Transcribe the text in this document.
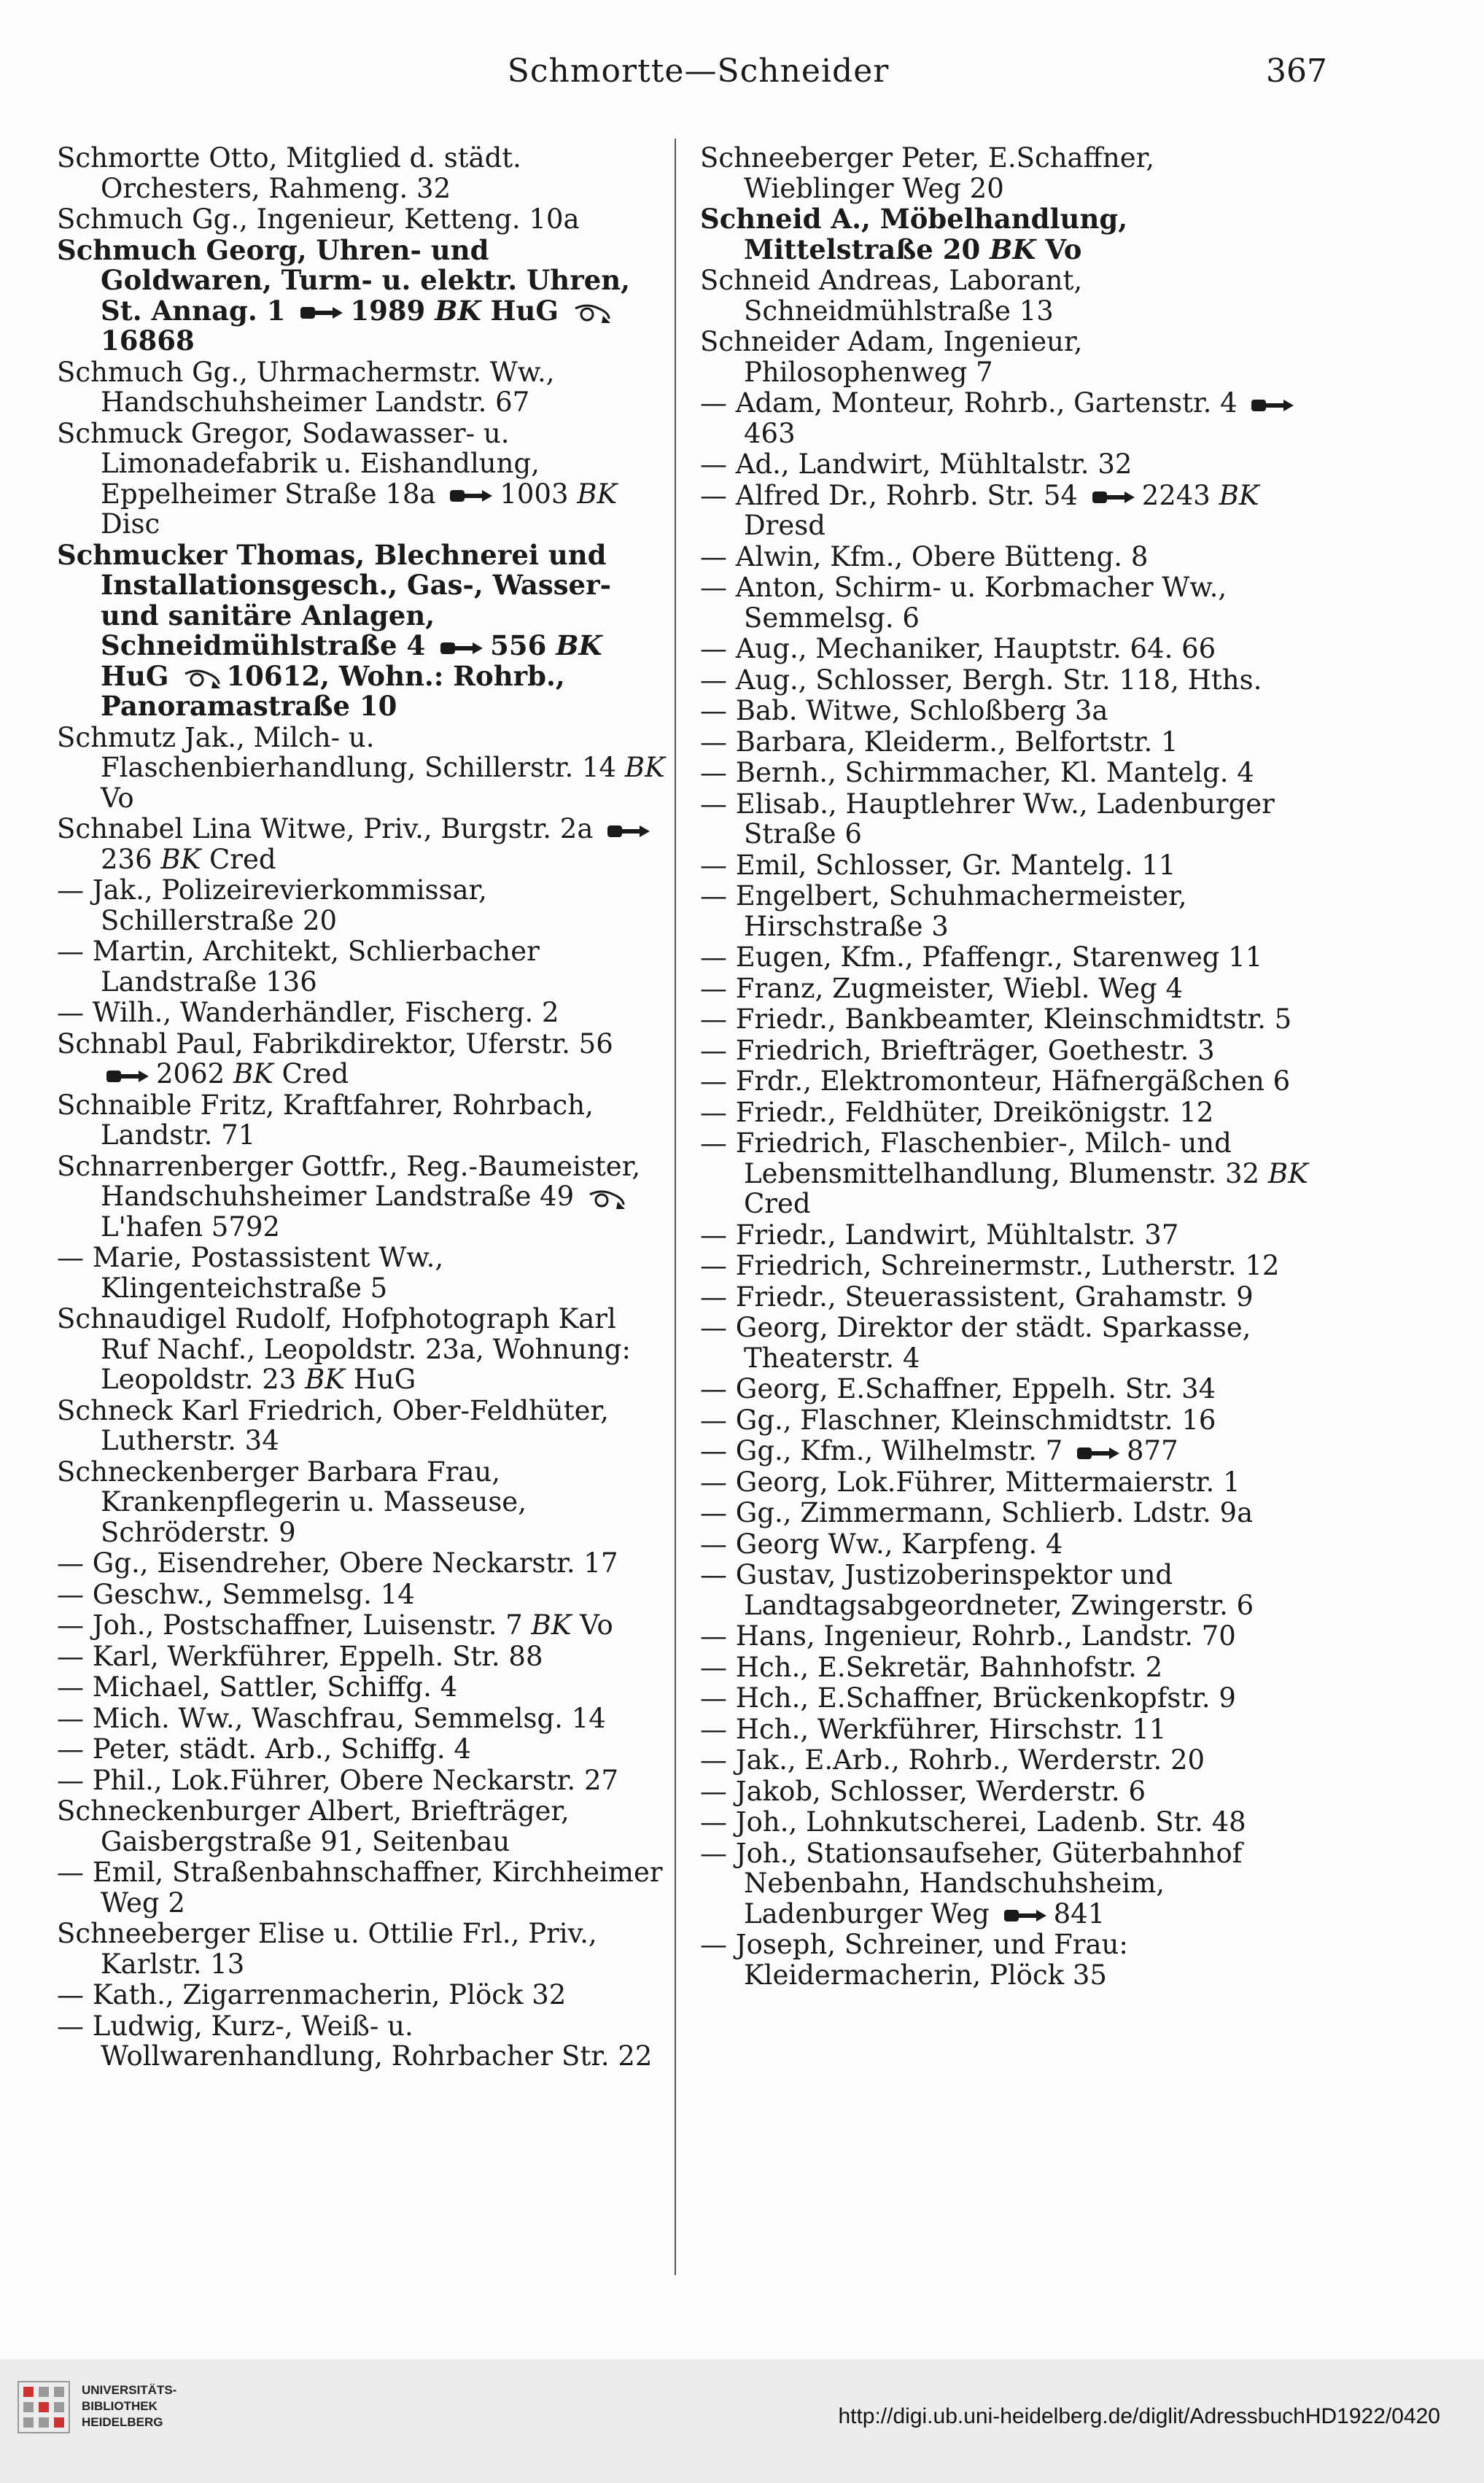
Schmortte—Schneider	367
Schmortte Otto, Mitglied d. städt. Orchesters, Rahmeng. 32
Schmuch Gg., Ingenieur, Ketteng. 10a
Schmuch Georg, Uhren- und Goldwaren, Turm- u. elektr. Uhren, St. Annag. 1 1989 BK HuG 16868
Schmuch Gg., Uhrmachermstr. Ww., Handschuhsheimer Landstr. 67
Schmuck Gregor, Sodawasser- u. Limonadefabrik u. Eishandlung, Eppelheimer Straße 18a 1003 BK Disc
Schmucker Thomas, Blechnerei und Installationsgesch., Gas-, Wasser- und sanitäre Anlagen, Schneidmühlstraße 4 556 BK HuG 10612, Wohn.: Rohrb., Panoramastraße 10
Schmutz Jak., Milch- u. Flaschenbierhandlung, Schillerstr. 14 BK Vo
Schnabel Lina Witwe, Priv., Burgstr. 2a 236 BK Cred
— Jak., Polizeirevierkommissar, Schillerstraße 20
— Martin, Architekt, Schlierbacher Landstraße 136
— Wilh., Wanderhändler, Fischerg. 2
Schnabl Paul, Fabrikdirektor, Uferstr. 56 2062 BK Cred
Schnaible Fritz, Kraftfahrer, Rohrbach, Landstr. 71
Schnarrenberger Gottfr., Reg.-Baumeister, Handschuhsheimer Landstraße 49 L'hafen 5792
— Marie, Postassistent Ww., Klingenteichstraße 5
Schnaudigel Rudolf, Hofphotograph Karl Ruf Nachf., Leopoldstr. 23a, Wohnung: Leopoldstr. 23 BK HuG
Schneck Karl Friedrich, Ober-Feldhüter, Lutherstr. 34
Schneckenberger Barbara Frau, Krankenpflegerin u. Masseuse, Schröderstr. 9
— Gg., Eisendreher, Obere Neckarstr. 17
— Geschw., Semmelsg. 14
— Joh., Postschaffner, Luisenstr. 7 BK Vo
— Karl, Werkführer, Eppelh. Str. 88
— Michael, Sattler, Schiffg. 4
— Mich. Ww., Waschfrau, Semmelsg. 14
— Peter, städt. Arb., Schiffg. 4
— Phil., Lok.Führer, Obere Neckarstr. 27
Schneckenburger Albert, Briefträger, Gaisbergstraße 91, Seitenbau
— Emil, Straßenbahnschaffner, Kirchheimer Weg 2
Schneeberger Elise u. Ottilie Frl., Priv., Karlstr. 13
— Kath., Zigarrenmacherin, Plöck 32
— Ludwig, Kurz-, Weiß- u. Wollwarenhandlung, Rohrbacher Str. 22
Schneeberger Peter, E.Schaffner, Wieblinger Weg 20
Schneid A., Möbelhandlung, Mittelstraße 20 BK Vo
Schneid Andreas, Laborant, Schneidmühlstraße 13
Schneider Adam, Ingenieur, Philosophenweg 7
— Adam, Monteur, Rohrb., Gartenstr. 4 463
— Ad., Landwirt, Mühltalstr. 32
— Alfred Dr., Rohrb. Str. 54 2243 BK Dresd
— Alwin, Kfm., Obere Bütteng. 8
— Anton, Schirm- u. Korbmacher Ww., Semmelsg. 6
— Aug., Mechaniker, Hauptstr. 64. 66
— Aug., Schlosser, Bergh. Str. 118, Hths.
— Bab. Witwe, Schloßberg 3a
— Barbara, Kleiderm., Belfortstr. 1
— Bernh., Schirmmacher, Kl. Mantelg. 4
— Elisab., Hauptlehrer Ww., Ladenburger Straße 6
— Emil, Schlosser, Gr. Mantelg. 11
— Engelbert, Schuhmachermeister, Hirschstraße 3
— Eugen, Kfm., Pfaffengr., Starenweg 11
— Franz, Zugmeister, Wiebl. Weg 4
— Friedr., Bankbeamter, Kleinschmidtstr. 5
— Friedrich, Briefträger, Goethestr. 3
— Frdr., Elektromonteur, Häfnergäßchen 6
— Friedr., Feldhüter, Dreikönigstr. 12
— Friedrich, Flaschenbier-, Milch- und Lebensmittelhandlung, Blumenstr. 32 BK Cred
— Friedr., Landwirt, Mühltalstr. 37
— Friedrich, Schreinermstr., Lutherstr. 12
— Friedr., Steuerassistent, Grahamstr. 9
— Georg, Direktor der städt. Sparkasse, Theaterstr. 4
— Georg, E.Schaffner, Eppelh. Str. 34
— Gg., Flaschner, Kleinschmidtstr. 16
— Gg., Kfm., Wilhelmstr. 7 877
— Georg, Lok.Führer, Mittermaierstr. 1
— Gg., Zimmermann, Schlierb. Ldstr. 9a
— Georg Ww., Karpfeng. 4
— Gustav, Justizoberinspektor und Landtagsabgeordneter, Zwingerstr. 6
— Hans, Ingenieur, Rohrb., Landstr. 70
— Hch., E.Sekretär, Bahnhofstr. 2
— Hch., E.Schaffner, Brückenkopfstr. 9
— Hch., Werkführer, Hirschstr. 11
— Jak., E.Arb., Rohrb., Werderstr. 20
— Jakob, Schlosser, Werderstr. 6
— Joh., Lohnkutscherei, Ladenb. Str. 48
— Joh., Stationsaufseher, Güterbahnhof Nebenbahn, Handschuhsheim, Ladenburger Weg 841
— Joseph, Schreiner, und Frau: Kleidermacherin, Plöck 35
UNIVERSITÄTS-
BIBLIOTHEK
HEIDELBERG	http://digi.ub.uni-heidelberg.de/diglit/AdressbuchHD1922/0420
